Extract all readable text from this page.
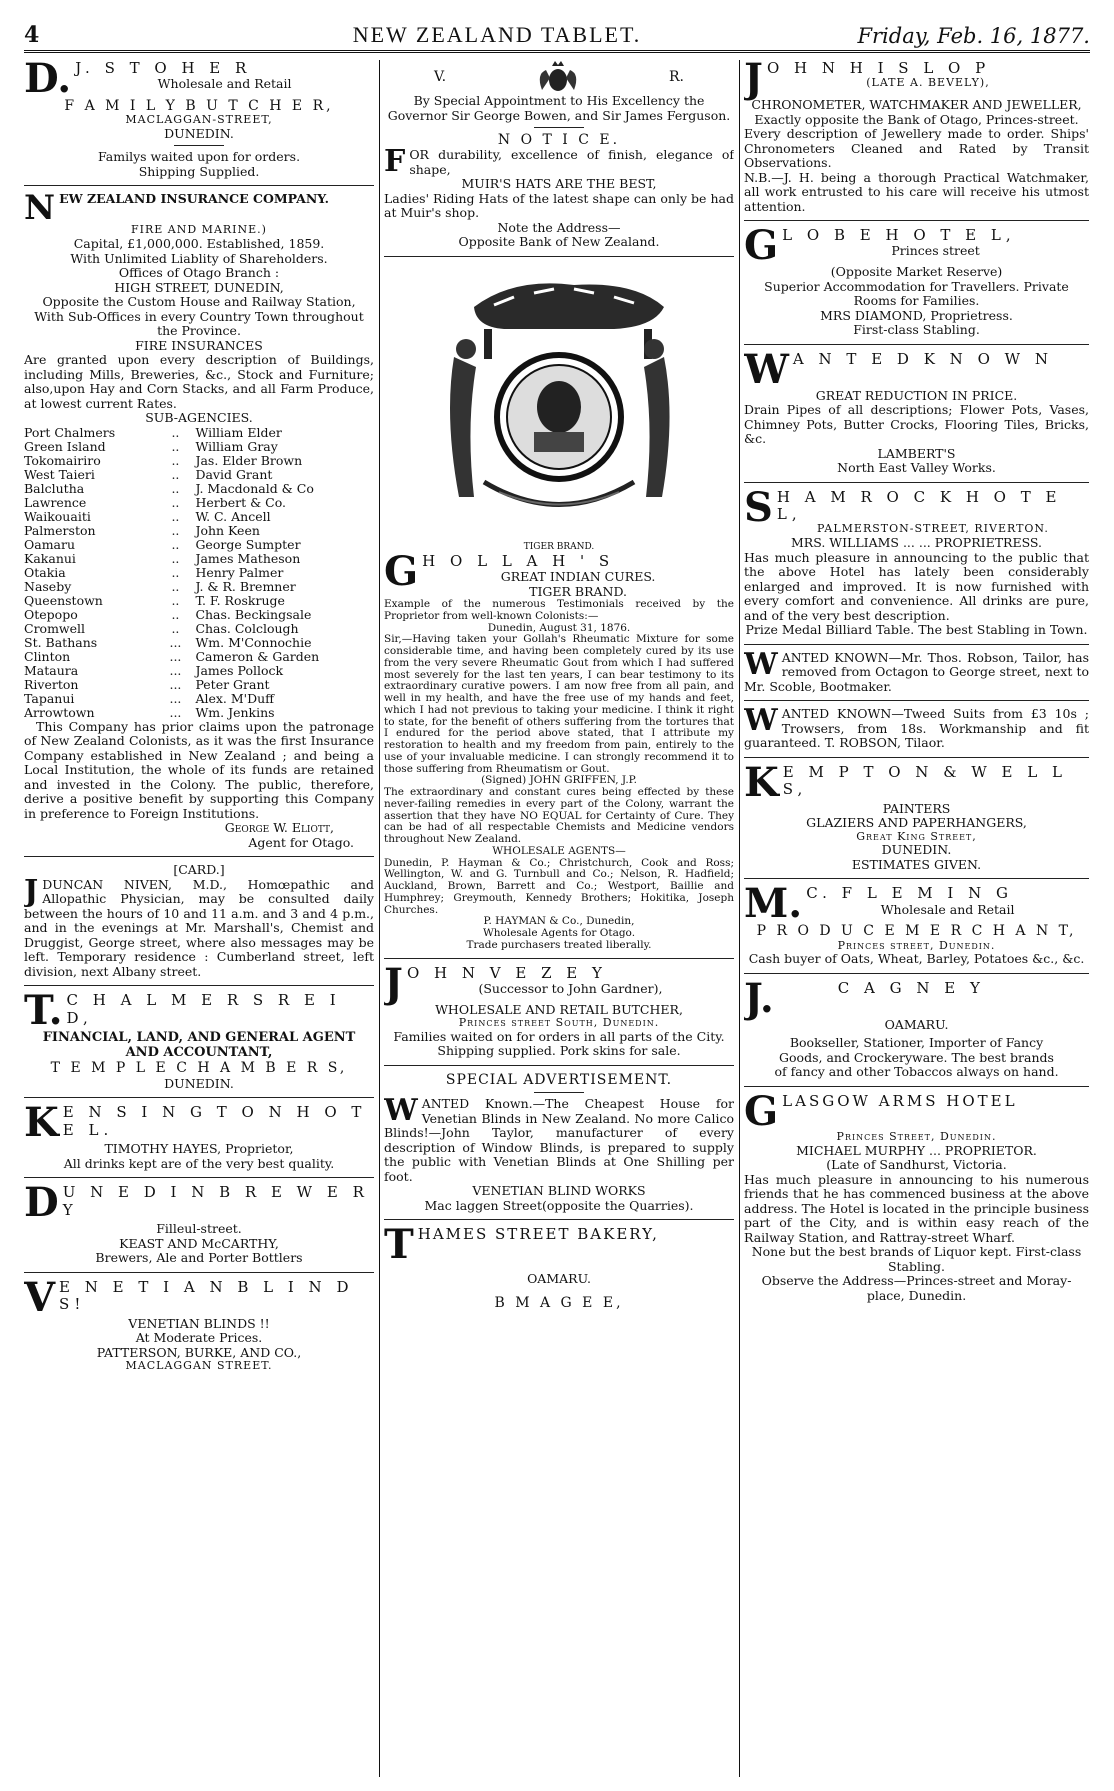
4	NEW ZEALAND TABLET.	Friday, Feb. 16, 1877.
D. J. S T O H E R
Wholesale and Retail
F A M I L Y B U T C H E R,
MACLAGGAN-STREET,
DUNEDIN.
Familys waited upon for orders.
Shipping Supplied.
NEW ZEALAND INSURANCE COMPANY.
FIRE AND MARINE.)
Capital, £1,000,000. Established, 1859.
With Unlimited Liablity of Shareholders.
Offices of Otago Branch :
HIGH STREET, DUNEDIN,
Opposite the Custom House and Railway Station,
With Sub-Offices in every Country Town throughout the Province.
FIRE INSURANCES
Are granted upon every description of Buildings, including Mills, Breweries, &c., Stock and Furniture; also,upon Hay and Corn Stacks, and all Farm Produce, at lowest current Rates.
SUB-AGENCIES.
Port Chalmers	..	William Elder
Green Island	..	William Gray
Tokomairiro	..	Jas. Elder Brown
West Taieri	..	David Grant
Balclutha	..	J. Macdonald & Co
Lawrence	..	Herbert & Co.
Waikouaiti	..	W. C. Ancell
Palmerston	..	John Keen
Oamaru	..	George Sumpter
Kakanui	..	James Matheson
Otakia	..	Henry Palmer
Naseby	..	J. & R. Bremner
Queenstown	..	T. F. Roskruge
Otepopo	..	Chas. Beckingsale
Cromwell	..	Chas. Colclough
St. Bathans	...	Wm. M'Connochie
Clinton	...	Cameron & Garden
Mataura	...	James Pollock
Riverton	...	Peter Grant
Tapanui	...	Alex. M'Duff
Arrowtown	...	Wm. Jenkins
This Company has prior claims upon the patronage of New Zealand Colonists, as it was the first Insurance Company established in New Zealand ; and being a Local Institution, the whole of its funds are retained and invested in the Colony. The public, therefore, derive a positive benefit by supporting this Company in preference to Foreign Institutions.
George W. Eliott,
Agent for Otago.
[CARD.]
JDUNCAN NIVEN, M.D., Homœpathic and Allopathic Physician, may be consulted daily between the hours of 10 and 11 a.m. and 3 and 4 p.m., and in the evenings at Mr. Marshall's, Chemist and Druggist, George street, where also messages may be left. Temporary residence : Cumberland street, left division, next Albany street.
T. C H A L M E R S R E I D,
FINANCIAL, LAND, AND GENERAL AGENT AND ACCOUNTANT,
T E M P L E C H A M B E R S,
DUNEDIN.
K E N S I N G T O N H O T E L.
TIMOTHY HAYES, Proprietor,
All drinks kept are of the very best quality.
D U N E D I N B R E W E R Y
Filleul-street.
KEAST AND McCARTHY,
Brewers, Ale and Porter Bottlers
V E N E T I A N B L I N D S!
VENETIAN BLINDS !!
At Moderate Prices.
PATTERSON, BURKE, AND CO.,
MACLAGGAN STREET.
V.	R.
By Special Appointment to His Excellency the Governor Sir George Bowen, and Sir James Ferguson.
N O T I C E.
FOR durability, excellence of finish, elegance of shape,
MUIR'S HATS ARE THE BEST,
Ladies' Riding Hats of the latest shape can only be had at Muir's shop.
Note the Address—
Opposite Bank of New Zealand.
TIGER BRAND.
G H O L L A H ' S
GREAT INDIAN CURES.
TIGER BRAND.
Example of the numerous Testimonials received by the Proprietor from well-known Colonists:—
Dunedin, August 31, 1876.
Sir,—Having taken your Gollah's Rheumatic Mixture for some considerable time, and having been completely cured by its use from the very severe Rheumatic Gout from which I had suffered most severely for the last ten years, I can bear testimony to its extraordinary curative powers. I am now free from all pain, and well in my health, and have the free use of my hands and feet, which I had not previous to taking your medicine. I think it right to state, for the benefit of others suffering from the tortures that I endured for the period above stated, that I attribute my restoration to health and my freedom from pain, entirely to the use of your invaluable medicine. I can strongly recommend it to those suffering from Rheumatism or Gout.
(Signed) JOHN GRIFFEN, J.P.
The extraordinary and constant cures being effected by these never-failing remedies in every part of the Colony, warrant the assertion that they have NO EQUAL for Certainty of Cure. They can be had of all respectable Chemists and Medicine vendors throughout New Zealand.
WHOLESALE AGENTS—
Dunedin, P. Hayman & Co.; Christchurch, Cook and Ross; Wellington, W. and G. Turnbull and Co.; Nelson, R. Hadfield; Auckland, Brown, Barrett and Co.; Westport, Baillie and Humphrey; Greymouth, Kennedy Brothers; Hokitika, Joseph Churches.
P. HAYMAN & Co., Dunedin,
Wholesale Agents for Otago.
Trade purchasers treated liberally.
J O H N V E Z E Y
(Successor to John Gardner),
WHOLESALE AND RETAIL BUTCHER,
Princes street South, Dunedin.
Families waited on for orders in all parts of the City.
Shipping supplied. Pork skins for sale.
SPECIAL ADVERTISEMENT.
WANTED Known.—The Cheapest House for Venetian Blinds in New Zealand. No more Calico Blinds!—John Taylor, manufacturer of every description of Window Blinds, is prepared to supply the public with Venetian Blinds at One Shilling per foot.
VENETIAN BLIND WORKS
Mac laggen Street(opposite the Quarries).
THAMES STREET BAKERY,
OAMARU.
B M A G E E,
J O H N H I S L O P
(LATE A. BEVELY),
CHRONOMETER, WATCHMAKER AND JEWELLER,
Exactly opposite the Bank of Otago, Princes-street.
Every description of Jewellery made to order. Ships' Chronometers Cleaned and Rated by Transit Observations.
N.B.—J. H. being a thorough Practical Watchmaker, all work entrusted to his care will receive his utmost attention.
G L O B E H O T E L,
Princes street
(Opposite Market Reserve)
Superior Accommodation for Travellers. Private Rooms for Families.
MRS DIAMOND, Proprietress.
First-class Stabling.
W A N T E D K N O W N
GREAT REDUCTION IN PRICE.
Drain Pipes of all descriptions; Flower Pots, Vases, Chimney Pots, Butter Crocks, Flooring Tiles, Bricks, &c.
LAMBERT'S
North East Valley Works.
S H A M R O C K H O T E L,
PALMERSTON-STREET, RIVERTON.
MRS. WILLIAMS ... ... PROPRIETRESS.
Has much pleasure in announcing to the public that the above Hotel has lately been considerably enlarged and improved. It is now furnished with every comfort and convenience. All drinks are pure, and of the very best description.
Prize Medal Billiard Table. The best Stabling in Town.
WANTED KNOWN—Mr. Thos. Robson, Tailor, has removed from Octagon to George street, next to Mr. Scoble, Bootmaker.
WANTED KNOWN—Tweed Suits from £3 10s ; Trowsers, from 18s. Workmanship and fit guaranteed. T. ROBSON, Tilaor.
K E M P T O N & W E L L S,
PAINTERS
GLAZIERS AND PAPERHANGERS,
Great King Street,
DUNEDIN.
ESTIMATES GIVEN.
M. C. F L E M I N G
Wholesale and Retail
P R O D U C E M E R C H A N T,
Princes street, Dunedin.
Cash buyer of Oats, Wheat, Barley, Potatoes &c., &c.
J.	C A G N E Y
OAMARU.
Bookseller, Stationer, Importer of Fancy Goods, and Crockeryware. The best brands of fancy and other Tobaccos always on hand.
GLASGOW ARMS HOTEL
Princes Street, Dunedin.
MICHAEL MURPHY ... PROPRIETOR.
(Late of Sandhurst, Victoria.
Has much pleasure in announcing to his numerous friends that he has commenced business at the above address. The Hotel is located in the principle business part of the City, and is within easy reach of the Railway Station, and Rattray-street Wharf.
None but the best brands of Liquor kept. First-class Stabling.
Observe the Address—Princes-street and Moray-place, Dunedin.
